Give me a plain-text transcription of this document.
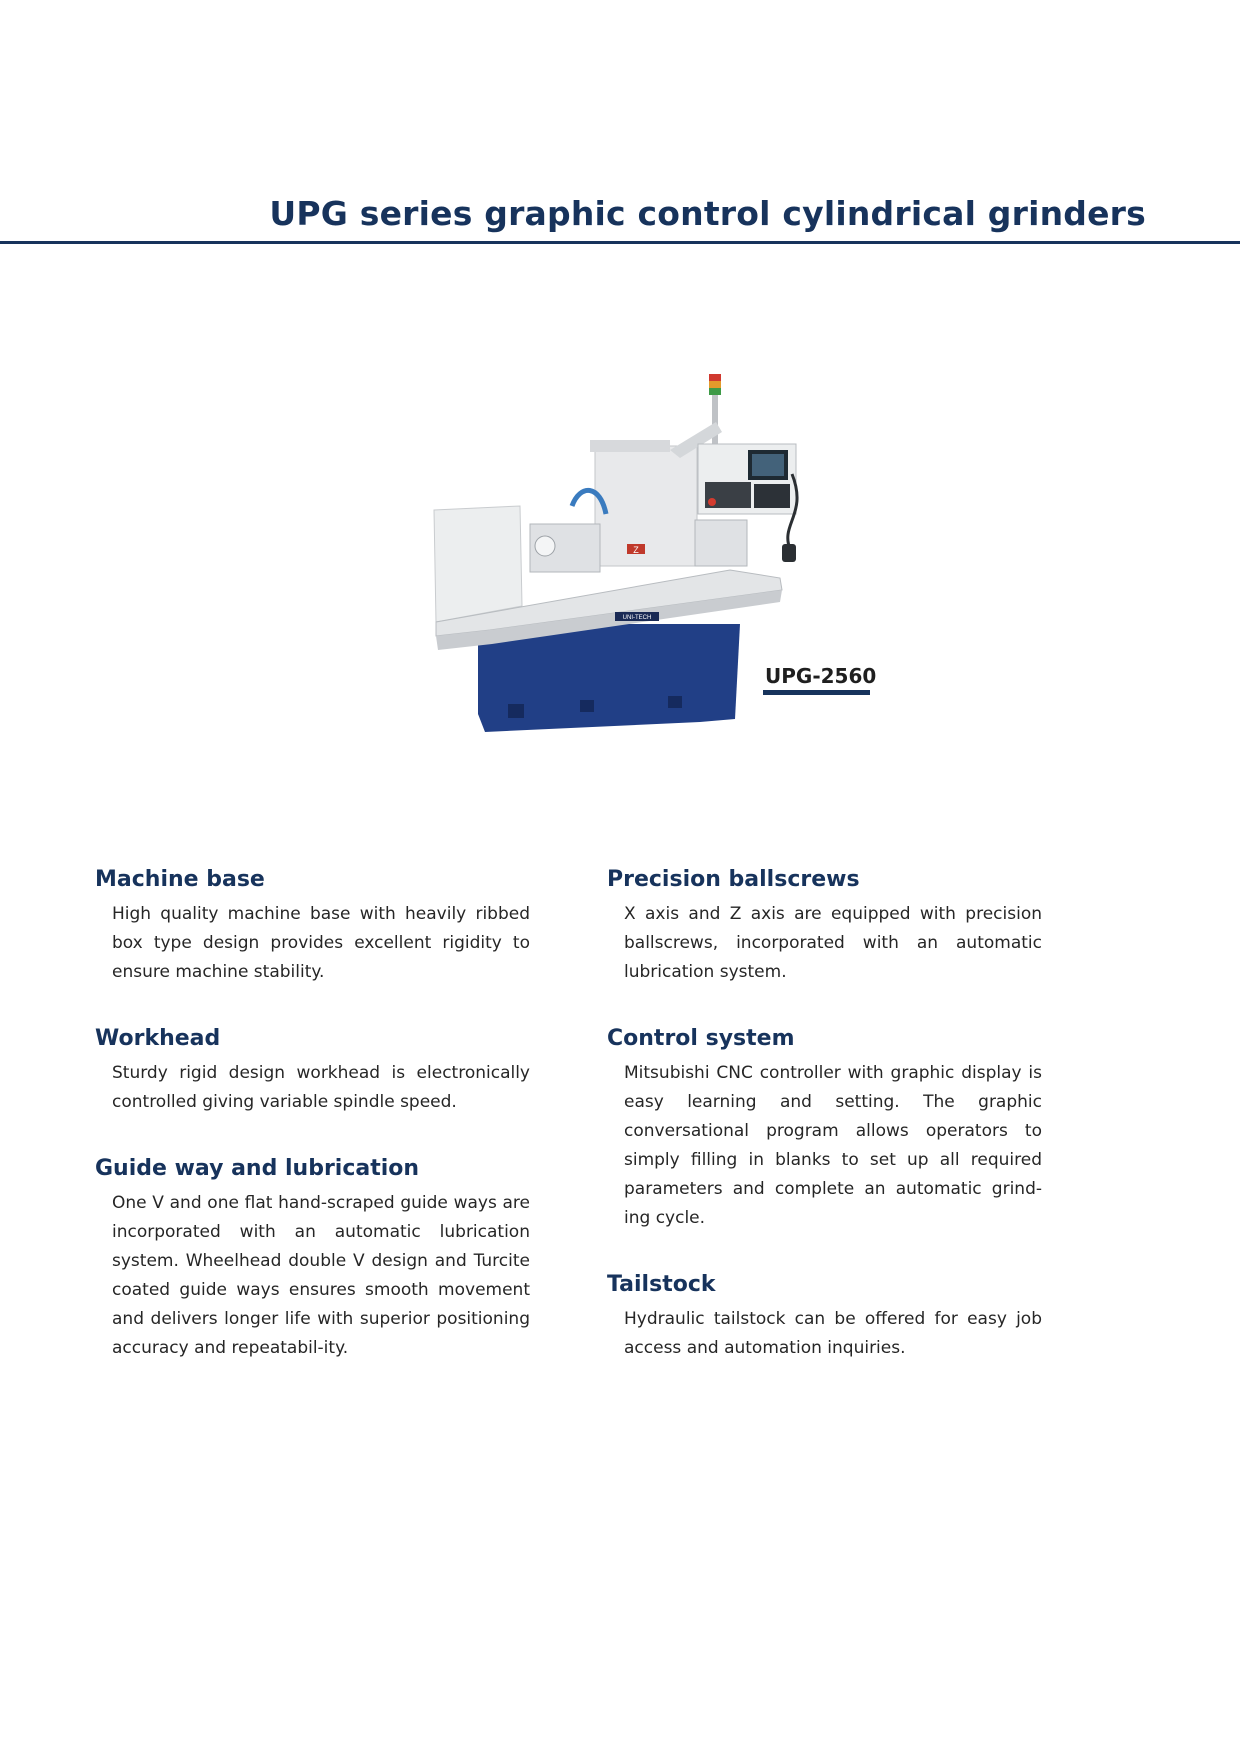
UPG series graphic control cylindrical grinders
Z
UNI-TECH
UPG-2560
Machine base

High quality machine base with heavily ribbed box type design provides excellent rigidity to ensure machine stability.

Workhead

Sturdy rigid design workhead is electronically controlled giving variable spindle speed.

Guide way and lubrication

One V and one flat hand-scraped guide ways are incorporated with an automatic lubrication system. Wheelhead double V design and Turcite coated guide ways ensures smooth movement and delivers longer life with superior positioning accuracy and repeatabil-ity.

Precision ballscrews

X axis and Z axis are equipped with precision ballscrews, incorporated with an automatic lubrication system.

Control system

Mitsubishi CNC controller with graphic display is easy learning and setting. The graphic conversational program allows operators to simply filling in blanks to set up all required parameters and complete an automatic grind-ing cycle.

Tailstock

Hydraulic tailstock can be offered for easy job access and automation inquiries.
